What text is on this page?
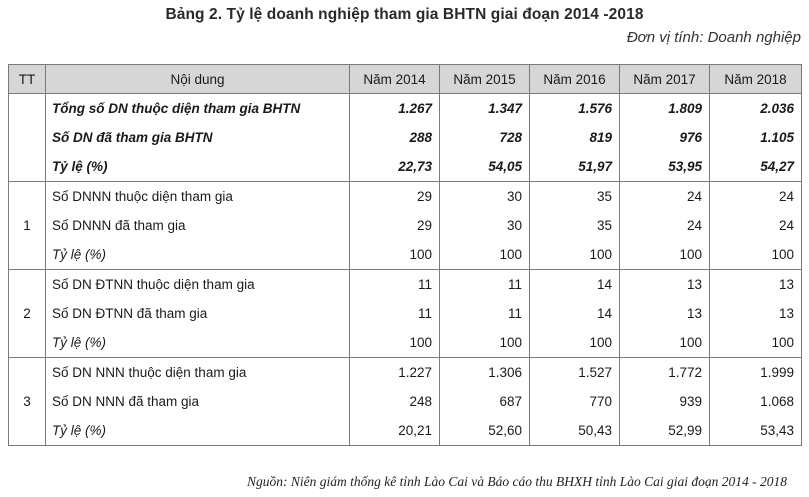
Bảng 2. Tỷ lệ doanh nghiệp tham gia BHTN giai đoạn 2014 -2018
Đơn vị tính: Doanh nghiệp
TT	Nội dung	Năm 2014	Năm 2015	Năm 2016	Năm 2017	Năm 2018
	Tổng số DN thuộc diện tham gia BHTN	1.267	1.347	1.576	1.809	2.036
	Số DN đã tham gia BHTN	288	728	819	976	1.105
	Tỷ lệ (%)	22,73	54,05	51,97	53,95	54,27
1	Số DNNN thuộc diện tham gia	29	30	35	24	24
	Số DNNN đã tham gia	29	30	35	24	24
	Tỷ lệ (%)	100	100	100	100	100
2	Số DN ĐTNN thuộc diện tham gia	11	11	14	13	13
	Số DN ĐTNN đã tham gia	11	11	14	13	13
	Tỷ lệ (%)	100	100	100	100	100
3	Số DN NNN thuộc diện tham gia	1.227	1.306	1.527	1.772	1.999
	Số DN NNN đã tham gia	248	687	770	939	1.068
	Tỷ lệ (%)	20,21	52,60	50,43	52,99	53,43
Nguồn: Niên giám thống kê tỉnh Lào Cai và Báo cáo thu BHXH tỉnh Lào Cai giai đoạn 2014 - 2018
